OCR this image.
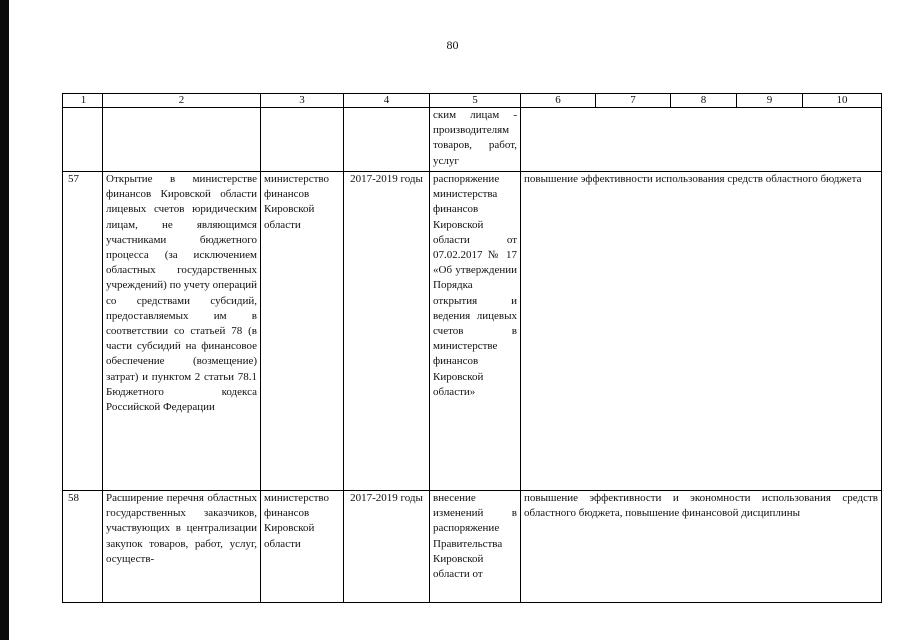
80
1	2	3	4	5	6	7	8	9	10
				ским лицам - производителям товаров, работ, услуг					
57	Открытие в министерстве финансов Кировской области лицевых счетов юридическим лицам, не являющимся участниками бюджетного процесса (за исключением областных государственных учреждений) по учету операций со средствами субсидий, предоставляемых им в соответствии со статьей 78 (в части субсидий на финансовое обеспечение (возмещение) затрат) и пунктом 2 статьи 78.1 Бюджетного кодекса Российской Федерации	министерство финансов Кировской области	2017-2019 годы	распоряжение министерства финансов Кировской области от 07.02.2017 № 17 «Об утверждении Порядка открытия и ведения лицевых счетов в министерстве финансов Кировской области»	повышение эффективности использования средств областного бюджета				
58	Расширение перечня областных государственных заказчиков, участвующих в централизации закупок товаров, работ, услуг, осуществ-	министерство финансов Кировской области	2017-2019 годы	внесение изменений в распоряжение Правительства Кировской области от	повышение эффективности и экономности использования средств областного бюджета, повышение финансовой дисциплины				
